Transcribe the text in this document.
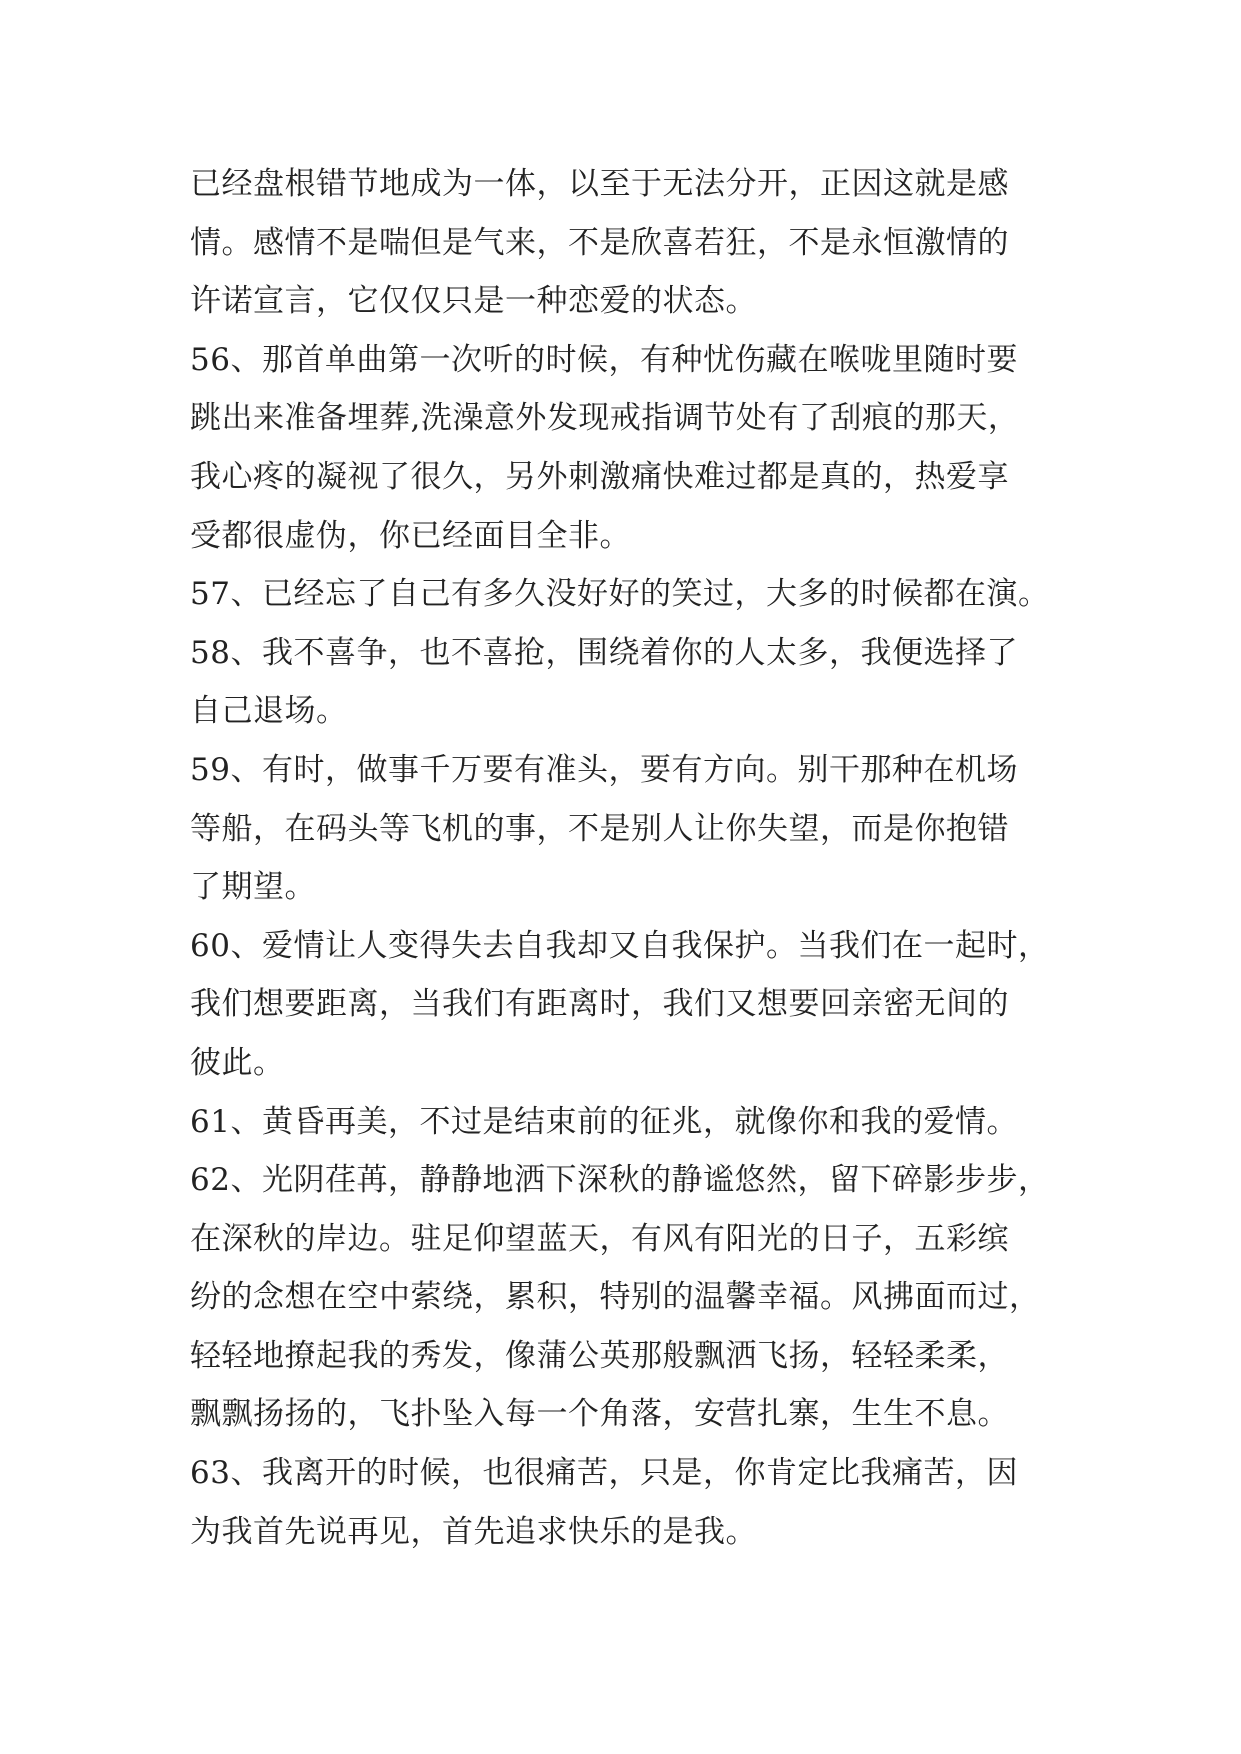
已经盘根错节地成为一体，以至于无法分开，正因这就是感
情。感情不是喘但是气来，不是欣喜若狂，不是永恒激情的
许诺宣言，它仅仅只是一种恋爱的状态。
56、那首单曲第一次听的时候，有种忧伤藏在喉咙里随时要
跳出来准备埋葬,洗澡意外发现戒指调节处有了刮痕的那天，
我心疼的凝视了很久，另外刺激痛快难过都是真的，热爱享
受都很虚伪，你已经面目全非。
57、已经忘了自己有多久没好好的笑过，大多的时候都在演。
58、我不喜争，也不喜抢，围绕着你的人太多，我便选择了
自己退场。
59、有时，做事千万要有准头，要有方向。别干那种在机场
等船，在码头等飞机的事，不是别人让你失望，而是你抱错
了期望。
60、爱情让人变得失去自我却又自我保护。当我们在一起时，
我们想要距离，当我们有距离时，我们又想要回亲密无间的
彼此。
61、黄昏再美，不过是结束前的征兆，就像你和我的爱情。
62、光阴荏苒，静静地洒下深秋的静谧悠然，留下碎影步步，
在深秋的岸边。驻足仰望蓝天，有风有阳光的日子，五彩缤
纷的念想在空中萦绕，累积，特别的温馨幸福。风拂面而过，
轻轻地撩起我的秀发，像蒲公英那般飘洒飞扬，轻轻柔柔，
飘飘扬扬的，飞扑坠入每一个角落，安营扎寨，生生不息。
63、我离开的时候，也很痛苦，只是，你肯定比我痛苦，因
为我首先说再见，首先追求快乐的是我。
